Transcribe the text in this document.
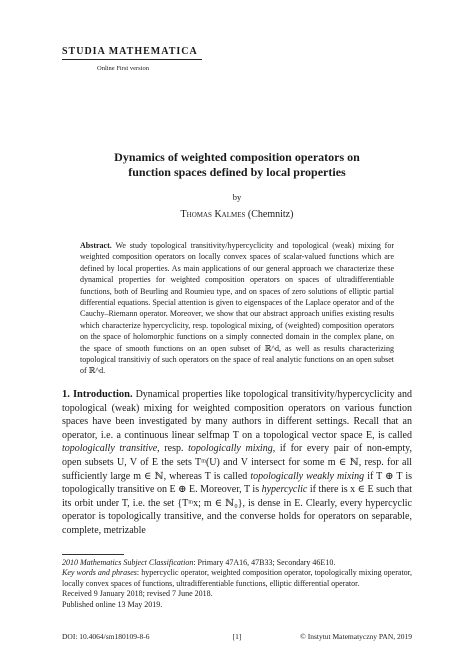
STUDIA MATHEMATICA
Online First version
Dynamics of weighted composition operators on
function spaces defined by local properties
by
Thomas Kalmes (Chemnitz)
Abstract. We study topological transitivity/hypercyclicity and topological (weak) mixing for weighted composition operators on locally convex spaces of scalar-valued functions which are defined by local properties. As main applications of our general approach we characterize these dynamical properties for weighted composition operators on spaces of ultradifferentiable functions, both of Beurling and Roumieu type, and on spaces of zero solutions of elliptic partial differential equations. Special attention is given to eigenspaces of the Laplace operator and of the Cauchy–Riemann operator. Moreover, we show that our abstract approach unifies existing results which characterize hypercyclicity, resp. topological mixing, of (weighted) composition operators on the space of holomorphic functions on a simply connected domain in the complex plane, on the space of smooth functions on an open subset of ℝ^d, as well as results characterizing topological transitiviy of such operators on the space of real analytic functions on an open subset of ℝ^d.
1. Introduction. Dynamical properties like topological transitivity/hypercyclicity and topological (weak) mixing for weighted composition operators on various function spaces have been investigated by many authors in different settings. Recall that an operator, i.e. a continuous linear selfmap T on a topological vector space E, is called topologically transitive, resp. topologically mixing, if for every pair of non-empty, open subsets U, V of E the sets Tᵐ(U) and V intersect for some m ∈ ℕ, resp. for all sufficiently large m ∈ ℕ, whereas T is called topologically weakly mixing if T ⊕ T is topologically transitive on E ⊕ E. Moreover, T is hypercyclic if there is x ∈ E such that its orbit under T, i.e. the set {Tᵐx; m ∈ ℕ₀}, is dense in E. Clearly, every hypercyclic operator is topologically transitive, and the converse holds for operators on separable, complete, metrizable

2010 Mathematics Subject Classification: Primary 47A16, 47B33; Secondary 46E10.

Key words and phrases: hypercyclic operator, weighted composition operator, topologically mixing operator, locally convex spaces of functions, ultradifferentiable functions, elliptic differential operator.

Received 9 January 2018; revised 7 June 2018.

Published online 13 May 2019.

DOI: 10.4064/sm180109-8-6	[1]	© Instytut Matematyczny PAN, 2019
